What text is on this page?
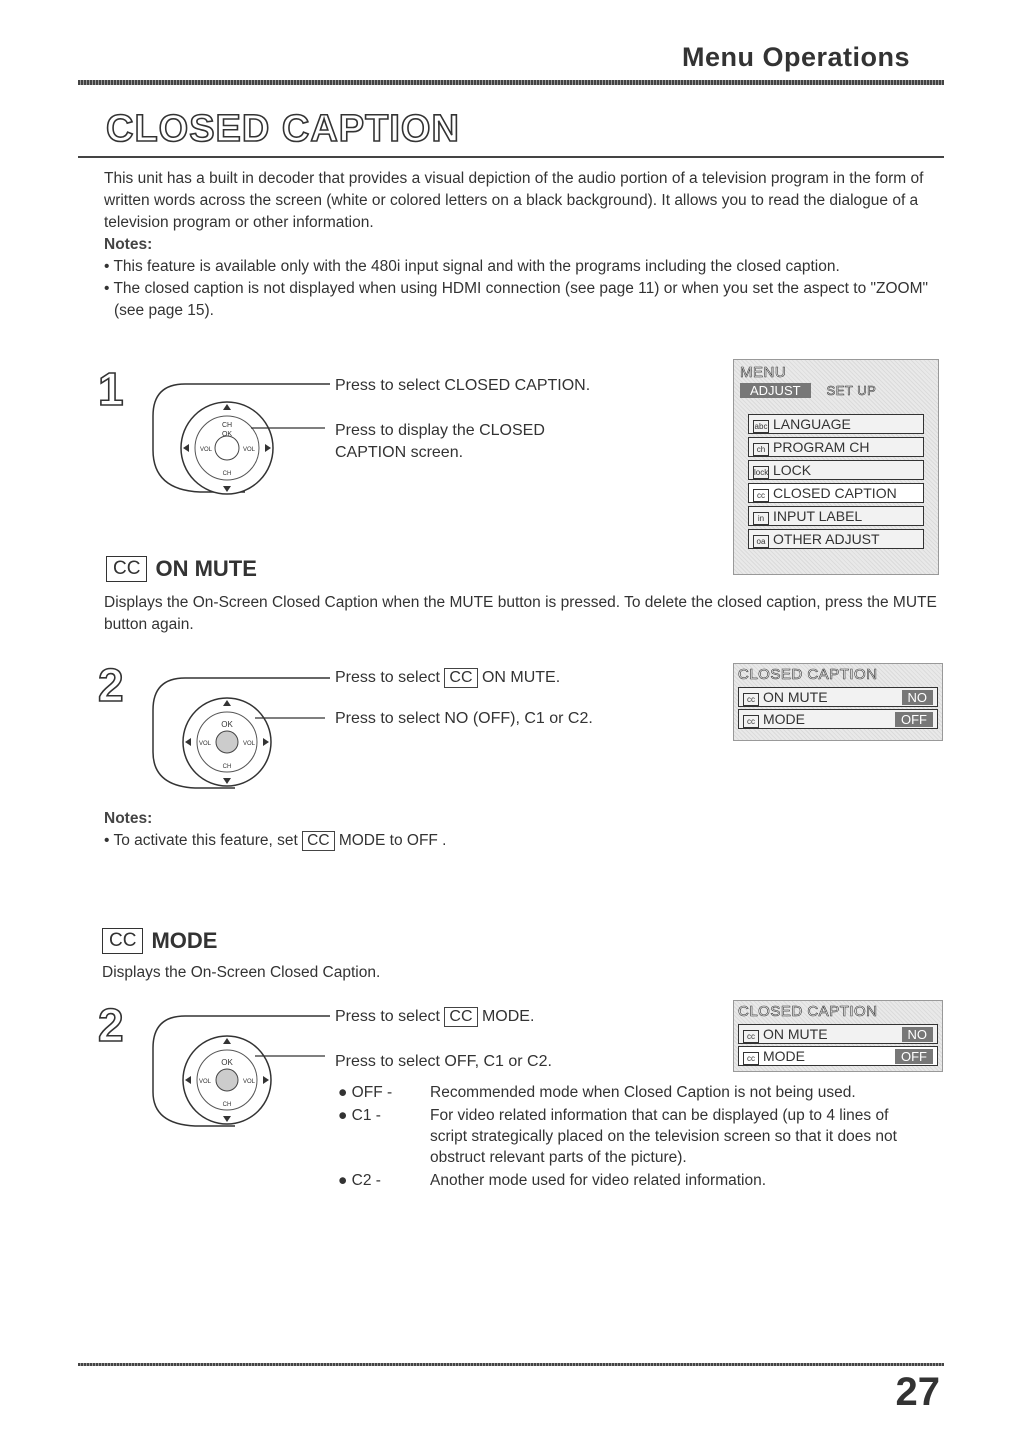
Menu Operations
CLOSED CAPTION
This unit has a built in decoder that provides a visual depiction of the audio portion of a television program in the form of written words across the screen (white or colored letters on a black background). It allows you to read the dialogue of a television program or other information.
Notes:
• This feature is available only with the 480i input signal and with the programs including the closed caption.
• The closed caption is not displayed when using HDMI connection (see page 11) or when you set the aspect to "ZOOM" (see page 15).
1
CH
OK
VOL	VOL
CH
Press to select CLOSED CAPTION.
Press to display the CLOSED CAPTION screen.
MENU
ADJUST	SET UP
abc LANGUAGE
ch PROGRAM CH
lock LOCK
cc CLOSED CAPTION
in INPUT LABEL
oa OTHER ADJUST
CC ON MUTE
Displays the On-Screen Closed Caption when the MUTE button is pressed. To delete the closed caption, press the MUTE button again.
2
OK
VOL	VOL
CH
Press to select CC ON MUTE.
Press to select NO (OFF), C1 or C2.
CLOSED CAPTION
cc ON MUTE	NO
cc MODE	OFF
Notes:
• To activate this feature, set CC MODE to OFF .
CC MODE
Displays the On-Screen Closed Caption.
2
OK
VOL	VOL
CH
Press to select CC MODE.
Press to select OFF, C1 or C2.
CLOSED CAPTION
cc ON MUTE	NO
cc MODE	OFF
● OFF -	Recommended mode when Closed Caption is not being used.
● C1 -	For video related information that can be displayed (up to 4 lines of script strategically placed on the television screen so that it does not obstruct relevant parts of the picture).
● C2 -	Another mode used for video related information.
27
